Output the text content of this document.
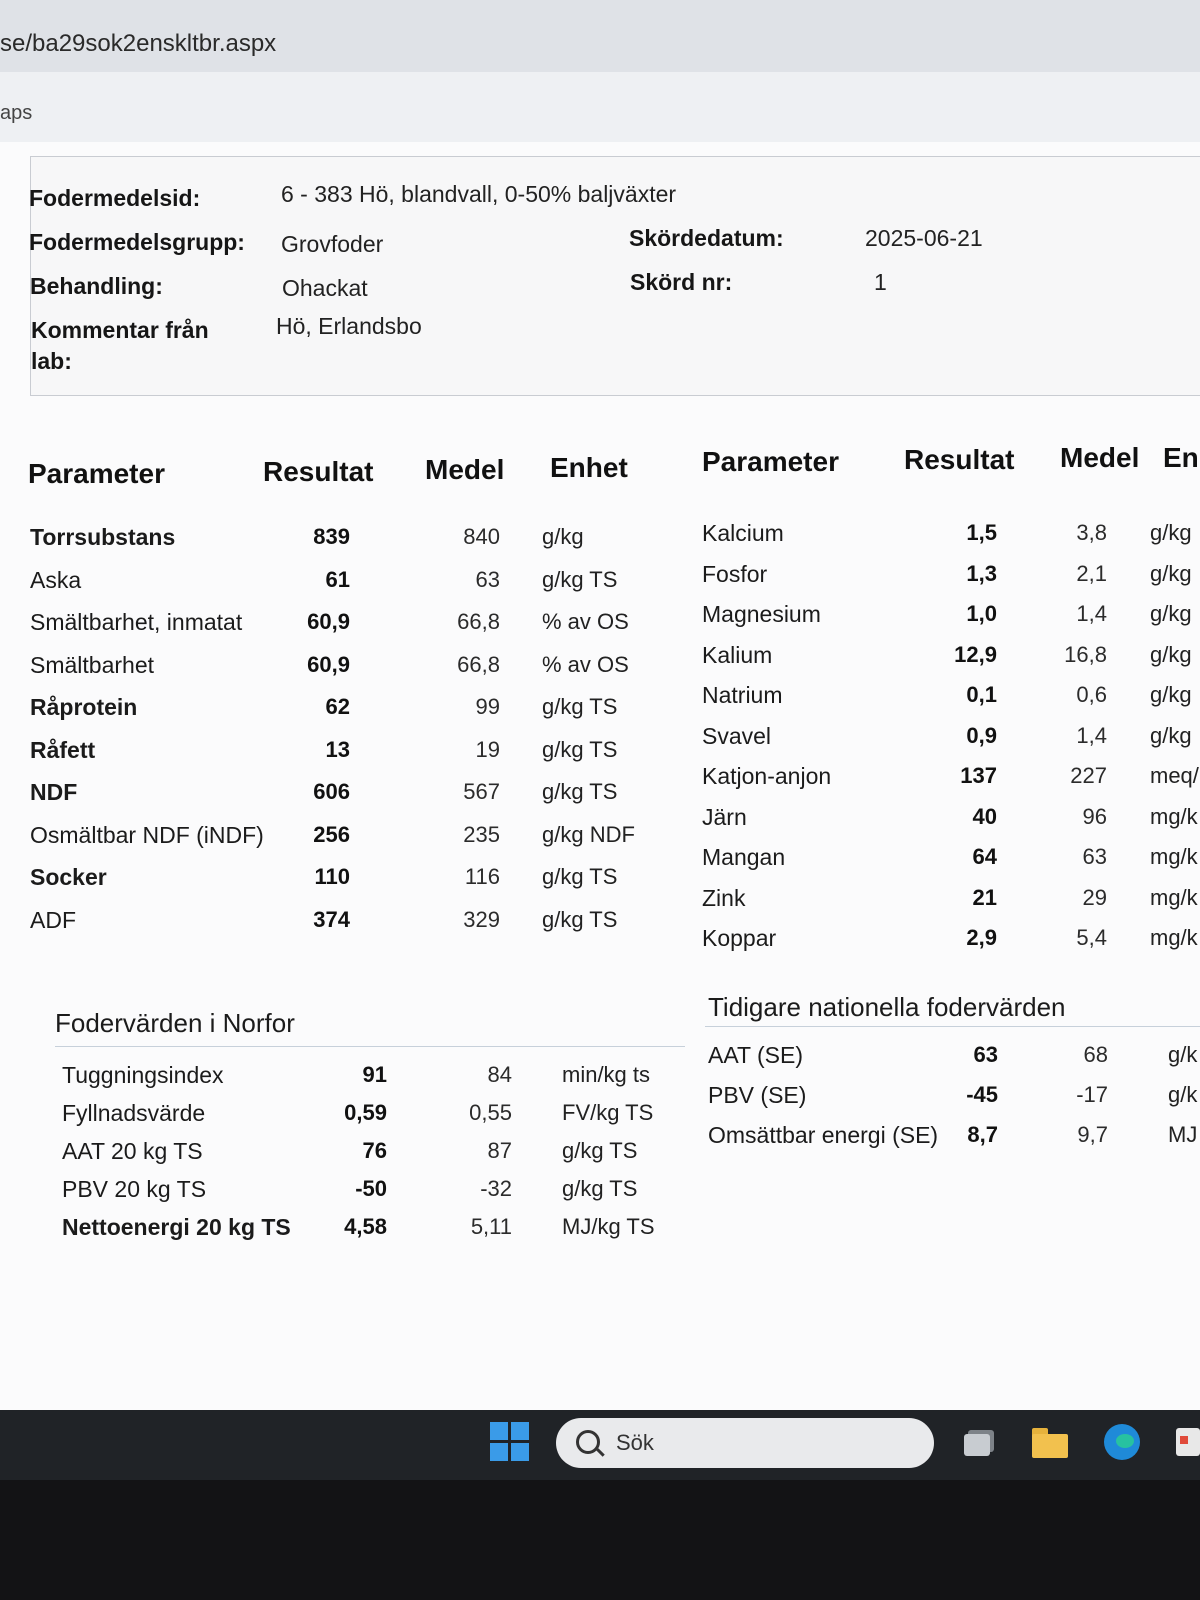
se/ba29sok2enskltbr.aspx
aps
Fodermedelsid:	6 - 383 Hö, blandvall, 0-50% baljväxter
Fodermedelsgrupp: Grovfoder
Behandling:	Ohackat
Kommentar från lab:
Hö, Erlandsbo
Skördedatum:	2025-06-21
Skörd nr:	1
Parameter	Resultat Medel Enhet	Parameter Resultat Medel En
Torrsubstans	839	840 g/kg
Aska	61	63 g/kg TS
Smältbarhet, inmatat	60,9	66,8 % av OS
Smältbarhet	60,9	66,8 % av OS
Råprotein	62	99 g/kg TS
Råfett	13	19 g/kg TS
NDF	606	567 g/kg TS
Osmältbar NDF (iNDF)	256	235 g/kg NDF
Socker	110	116 g/kg TS
ADF	374	329 g/kg TS
Kalcium	1,5	3,8 g/kg
Fosfor	1,3	2,1 g/kg
Magnesium	1,0	1,4 g/kg
Kalium	12,9	16,8 g/kg
Natrium	0,1	0,6 g/kg
Svavel	0,9	1,4 g/kg
Katjon-anjon	137	227 meq/
Järn	40	96 mg/k
Mangan	64	63 mg/k
Zink	21	29 mg/k
Koppar	2,9	5,4 mg/k
Fodervärden i Norfor
Tuggningsindex	91	84 min/kg ts
Fyllnadsvärde	0,59	0,55 FV/kg TS
AAT 20 kg TS	76	87 g/kg TS
PBV 20 kg TS	-50	-32 g/kg TS
Nettoenergi 20 kg TS	4,58	5,11 MJ/kg TS
Tidigare nationella fodervärden
AAT (SE)	63	68	g/k
PBV (SE)	-45	-17	g/k
Omsättbar energi (SE)	8,7	9,7	MJ
Sök
